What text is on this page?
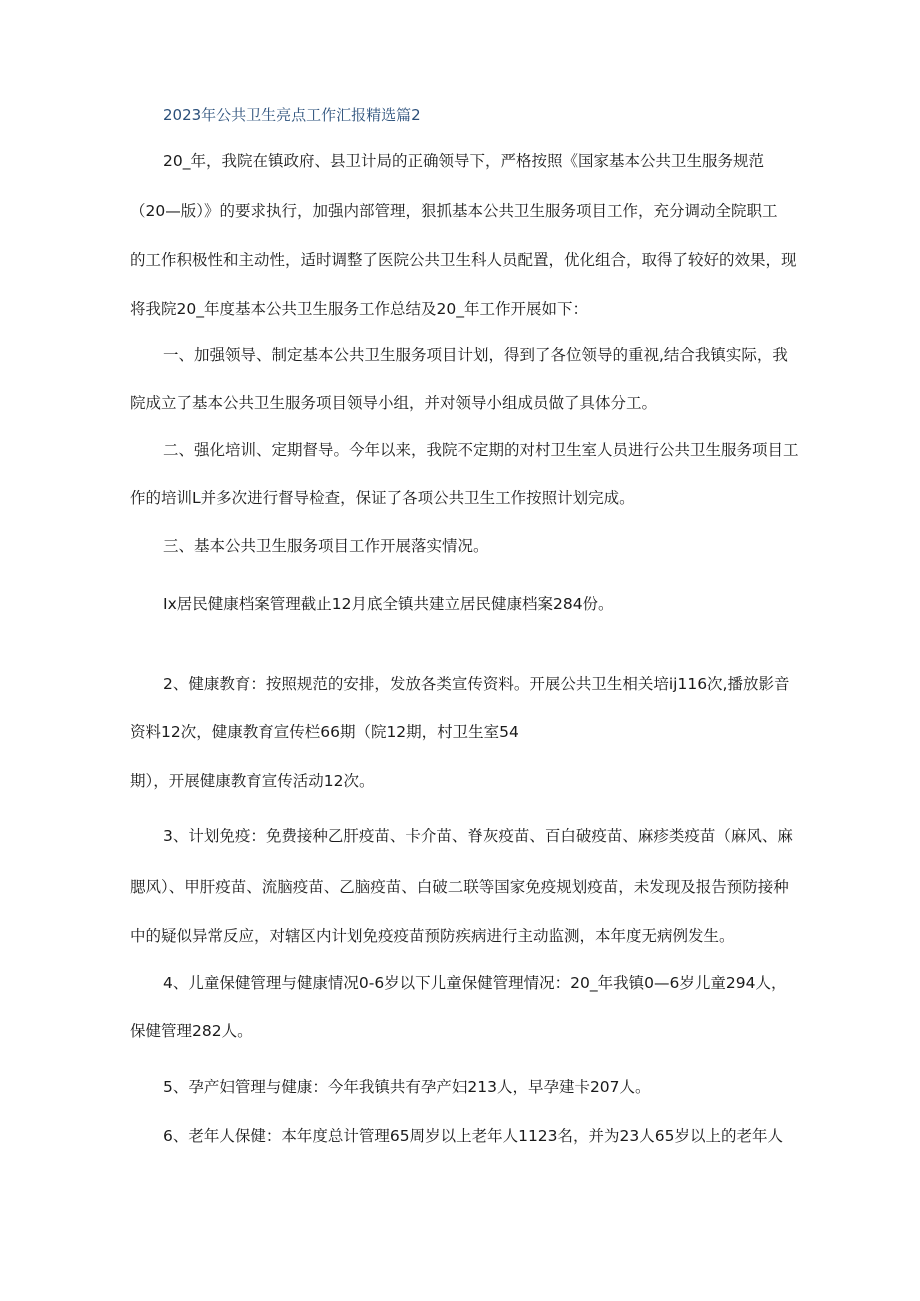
2023年公共卫生亮点工作汇报精选篇2
20_年，我院在镇政府、县卫计局的正确领导下，严格按照《国家基本公共卫生服务规范
（20—版）》的要求执行，加强内部管理，狠抓基本公共卫生服务项目工作，充分调动全院职工
的工作积极性和主动性，适时调整了医院公共卫生科人员配置，优化组合，取得了较好的效果，现
将我院20_年度基本公共卫生服务工作总结及20_年工作开展如下：
一、加强领导、制定基本公共卫生服务项目计划，得到了各位领导的重视,结合我镇实际，我
院成立了基本公共卫生服务项目领导小组，并对领导小组成员做了具体分工。
二、强化培训、定期督导。今年以来，我院不定期的对村卫生室人员进行公共卫生服务项目工
作的培训L并多次进行督导检查，保证了各项公共卫生工作按照计划完成。
三、基本公共卫生服务项目工作开展落实情况。
Ix居民健康档案管理截止12月底全镇共建立居民健康档案284份。
2、健康教育：按照规范的安排，发放各类宣传资料。开展公共卫生相关培ij116次,播放影音
资料12次，健康教育宣传栏66期（院12期，村卫生室54
期），开展健康教育宣传活动12次。
3、计划免疫：免费接种乙肝疫苗、卡介苗、脊灰疫苗、百白破疫苗、麻疹类疫苗（麻风、麻
腮风）、甲肝疫苗、流脑疫苗、乙脑疫苗、白破二联等国家免疫规划疫苗，未发现及报告预防接种
中的疑似异常反应，对辖区内计划免疫疫苗预防疾病进行主动监测，本年度无病例发生。
4、儿童保健管理与健康情况0-6岁以下儿童保健管理情况：20_年我镇0—6岁儿童294人，
保健管理282人。
5、孕产妇管理与健康：今年我镇共有孕产妇213人，早孕建卡207人。
6、老年人保健：本年度总计管理65周岁以上老年人1123名，并为23人65岁以上的老年人
